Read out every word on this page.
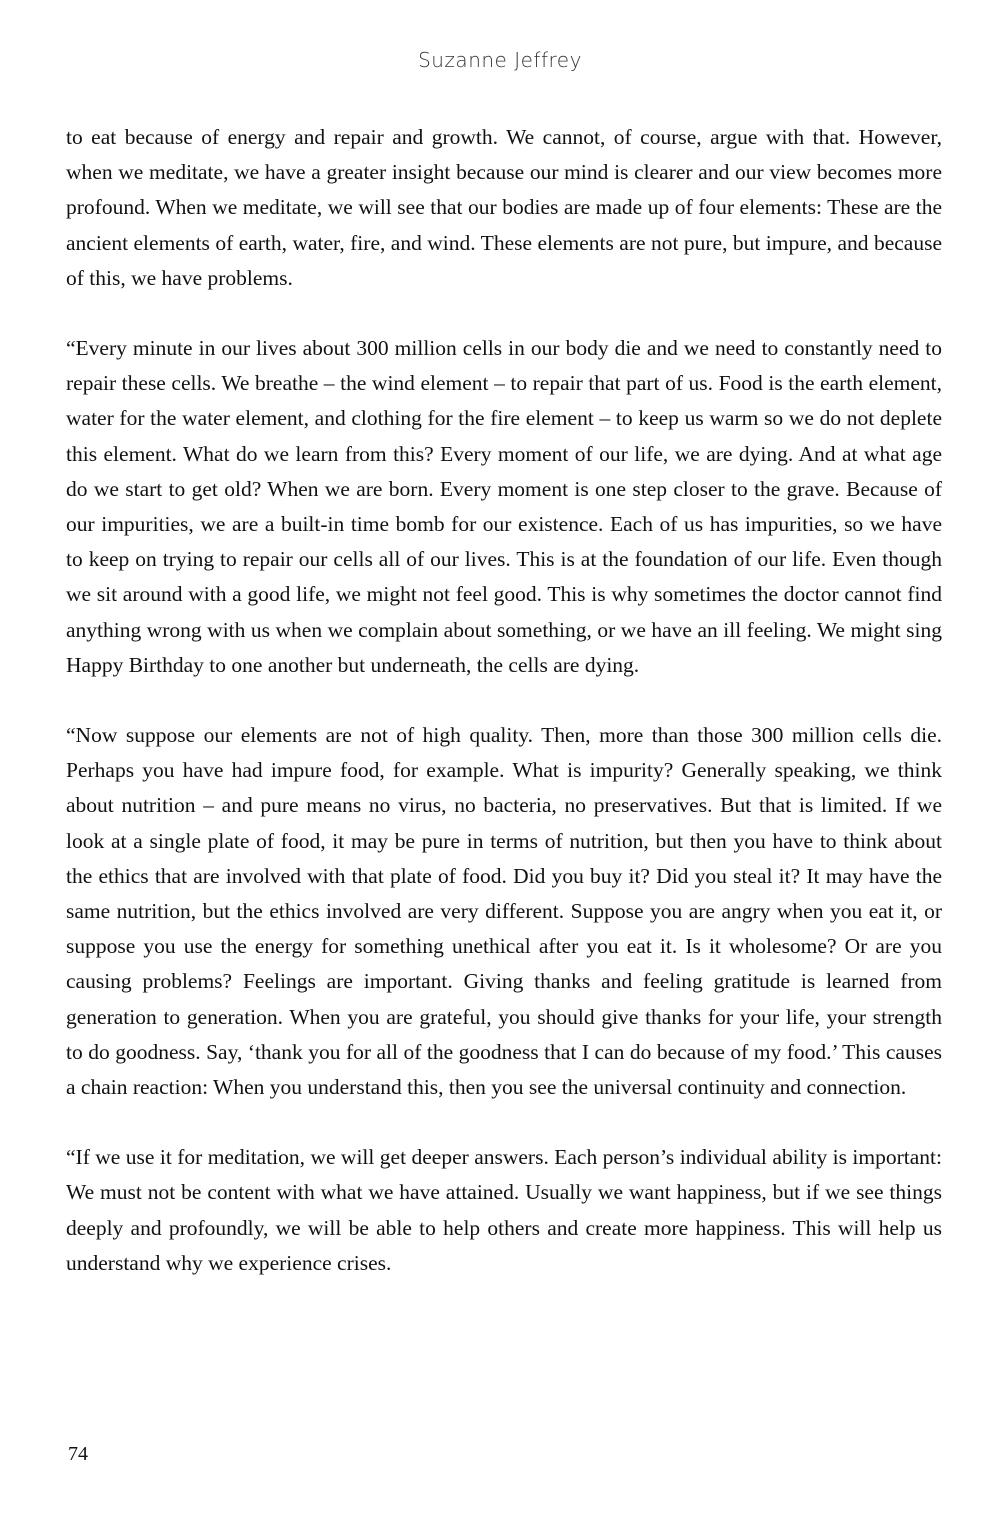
Suzanne Jeffrey

to eat because of energy and repair and growth. We cannot, of course, argue with that. However, when we meditate, we have a greater insight because our mind is clearer and our view becomes more profound. When we meditate, we will see that our bodies are made up of four elements: These are the ancient elements of earth, water, fire, and wind. These elements are not pure, but impure, and because of this, we have problems.

“Every minute in our lives about 300 million cells in our body die and we need to constantly need to repair these cells. We breathe – the wind element – to repair that part of us. Food is the earth element, water for the water element, and clothing for the fire element – to keep us warm so we do not deplete this element. What do we learn from this? Every moment of our life, we are dying. And at what age do we start to get old? When we are born. Every moment is one step closer to the grave. Because of our impurities, we are a built-in time bomb for our existence. Each of us has impurities, so we have to keep on trying to repair our cells all of our lives. This is at the foundation of our life. Even though we sit around with a good life, we might not feel good. This is why sometimes the doctor cannot find anything wrong with us when we complain about something, or we have an ill feeling. We might sing Happy Birthday to one another but underneath, the cells are dying.

“Now suppose our elements are not of high quality. Then, more than those 300 million cells die. Perhaps you have had impure food, for example. What is impurity? Generally speaking, we think about nutrition – and pure means no virus, no bacteria, no preservatives. But that is limited. If we look at a single plate of food, it may be pure in terms of nutrition, but then you have to think about the ethics that are involved with that plate of food. Did you buy it? Did you steal it? It may have the same nutrition, but the ethics involved are very different. Suppose you are angry when you eat it, or suppose you use the energy for something unethical after you eat it. Is it wholesome? Or are you causing problems? Feelings are important. Giving thanks and feeling gratitude is learned from generation to generation. When you are grateful, you should give thanks for your life, your strength to do goodness. Say, ‘thank you for all of the goodness that I can do because of my food.’ This causes a chain reaction: When you understand this, then you see the universal continuity and connection.

“If we use it for meditation, we will get deeper answers. Each person’s individual ability is important: We must not be content with what we have attained. Usually we want happiness, but if we see things deeply and profoundly, we will be able to help others and create more happiness. This will help us understand why we experience crises.

74
